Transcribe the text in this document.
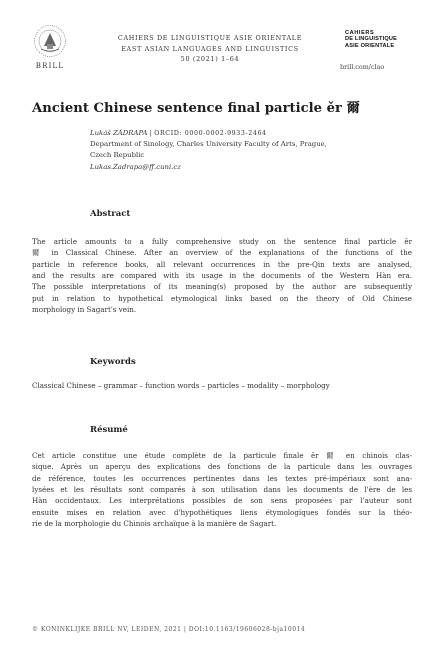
BRILL
CAHIERS DE LINGUISTIQUE ASIE ORIENTALE
EAST ASIAN LANGUAGES AND LINGUISTICS
50 (2021) 1–64
CAHIERS
DE LINGUISTIQUE
ASIE ORIENTALE
brill.com/clao
Ancient Chinese sentence final particle ěr 爾
Lukáš ZÁDRAPA | ORCID: 0000-0002-9933-2464
Department of Sinology, Charles University Faculty of Arts, Prague,
Czech Republic
Lukas.Zadrapa@ff.cuni.cz
Abstract
The article amounts to a fully comprehensive study on the sentence final particle ěr
爾 in Classical Chinese. After an overview of the explanations of the functions of the
particle in reference books, all relevant occurrences in the pre-Qin texts are analysed,
and the results are compared with its usage in the documents of the Western Hàn era.
The possible interpretations of its meaning(s) proposed by the author are subsequently
put in relation to hypothetical etymological links based on the theory of Old Chinese
morphology in Sagart's vein.
Keywords
Classical Chinese – grammar – function words – particles – modality – morphology
Résumé
Cet article constitue une étude complète de la particule finale ěr 爾 en chinois clas-
sique. Après un aperçu des explications des fonctions de la particule dans les ouvrages
de référence, toutes les occurrences pertinentes dans les textes pré-impériaux sont ana-
lysées et les résultats sont comparés à son utilisation dans les documents de l'ère de les
Hàn occidentaux. Les interprétations possibles de son sens proposées par l'auteur sont
ensuite mises en relation avec d'hypothétiques liens étymologiques fondés sur la théo-
rie de la morphologie du Chinois archaïque à la manière de Sagart.
© KONINKLIJKE BRILL NV, LEIDEN, 2021 | DOI:10.1163/19606028-bja10014
